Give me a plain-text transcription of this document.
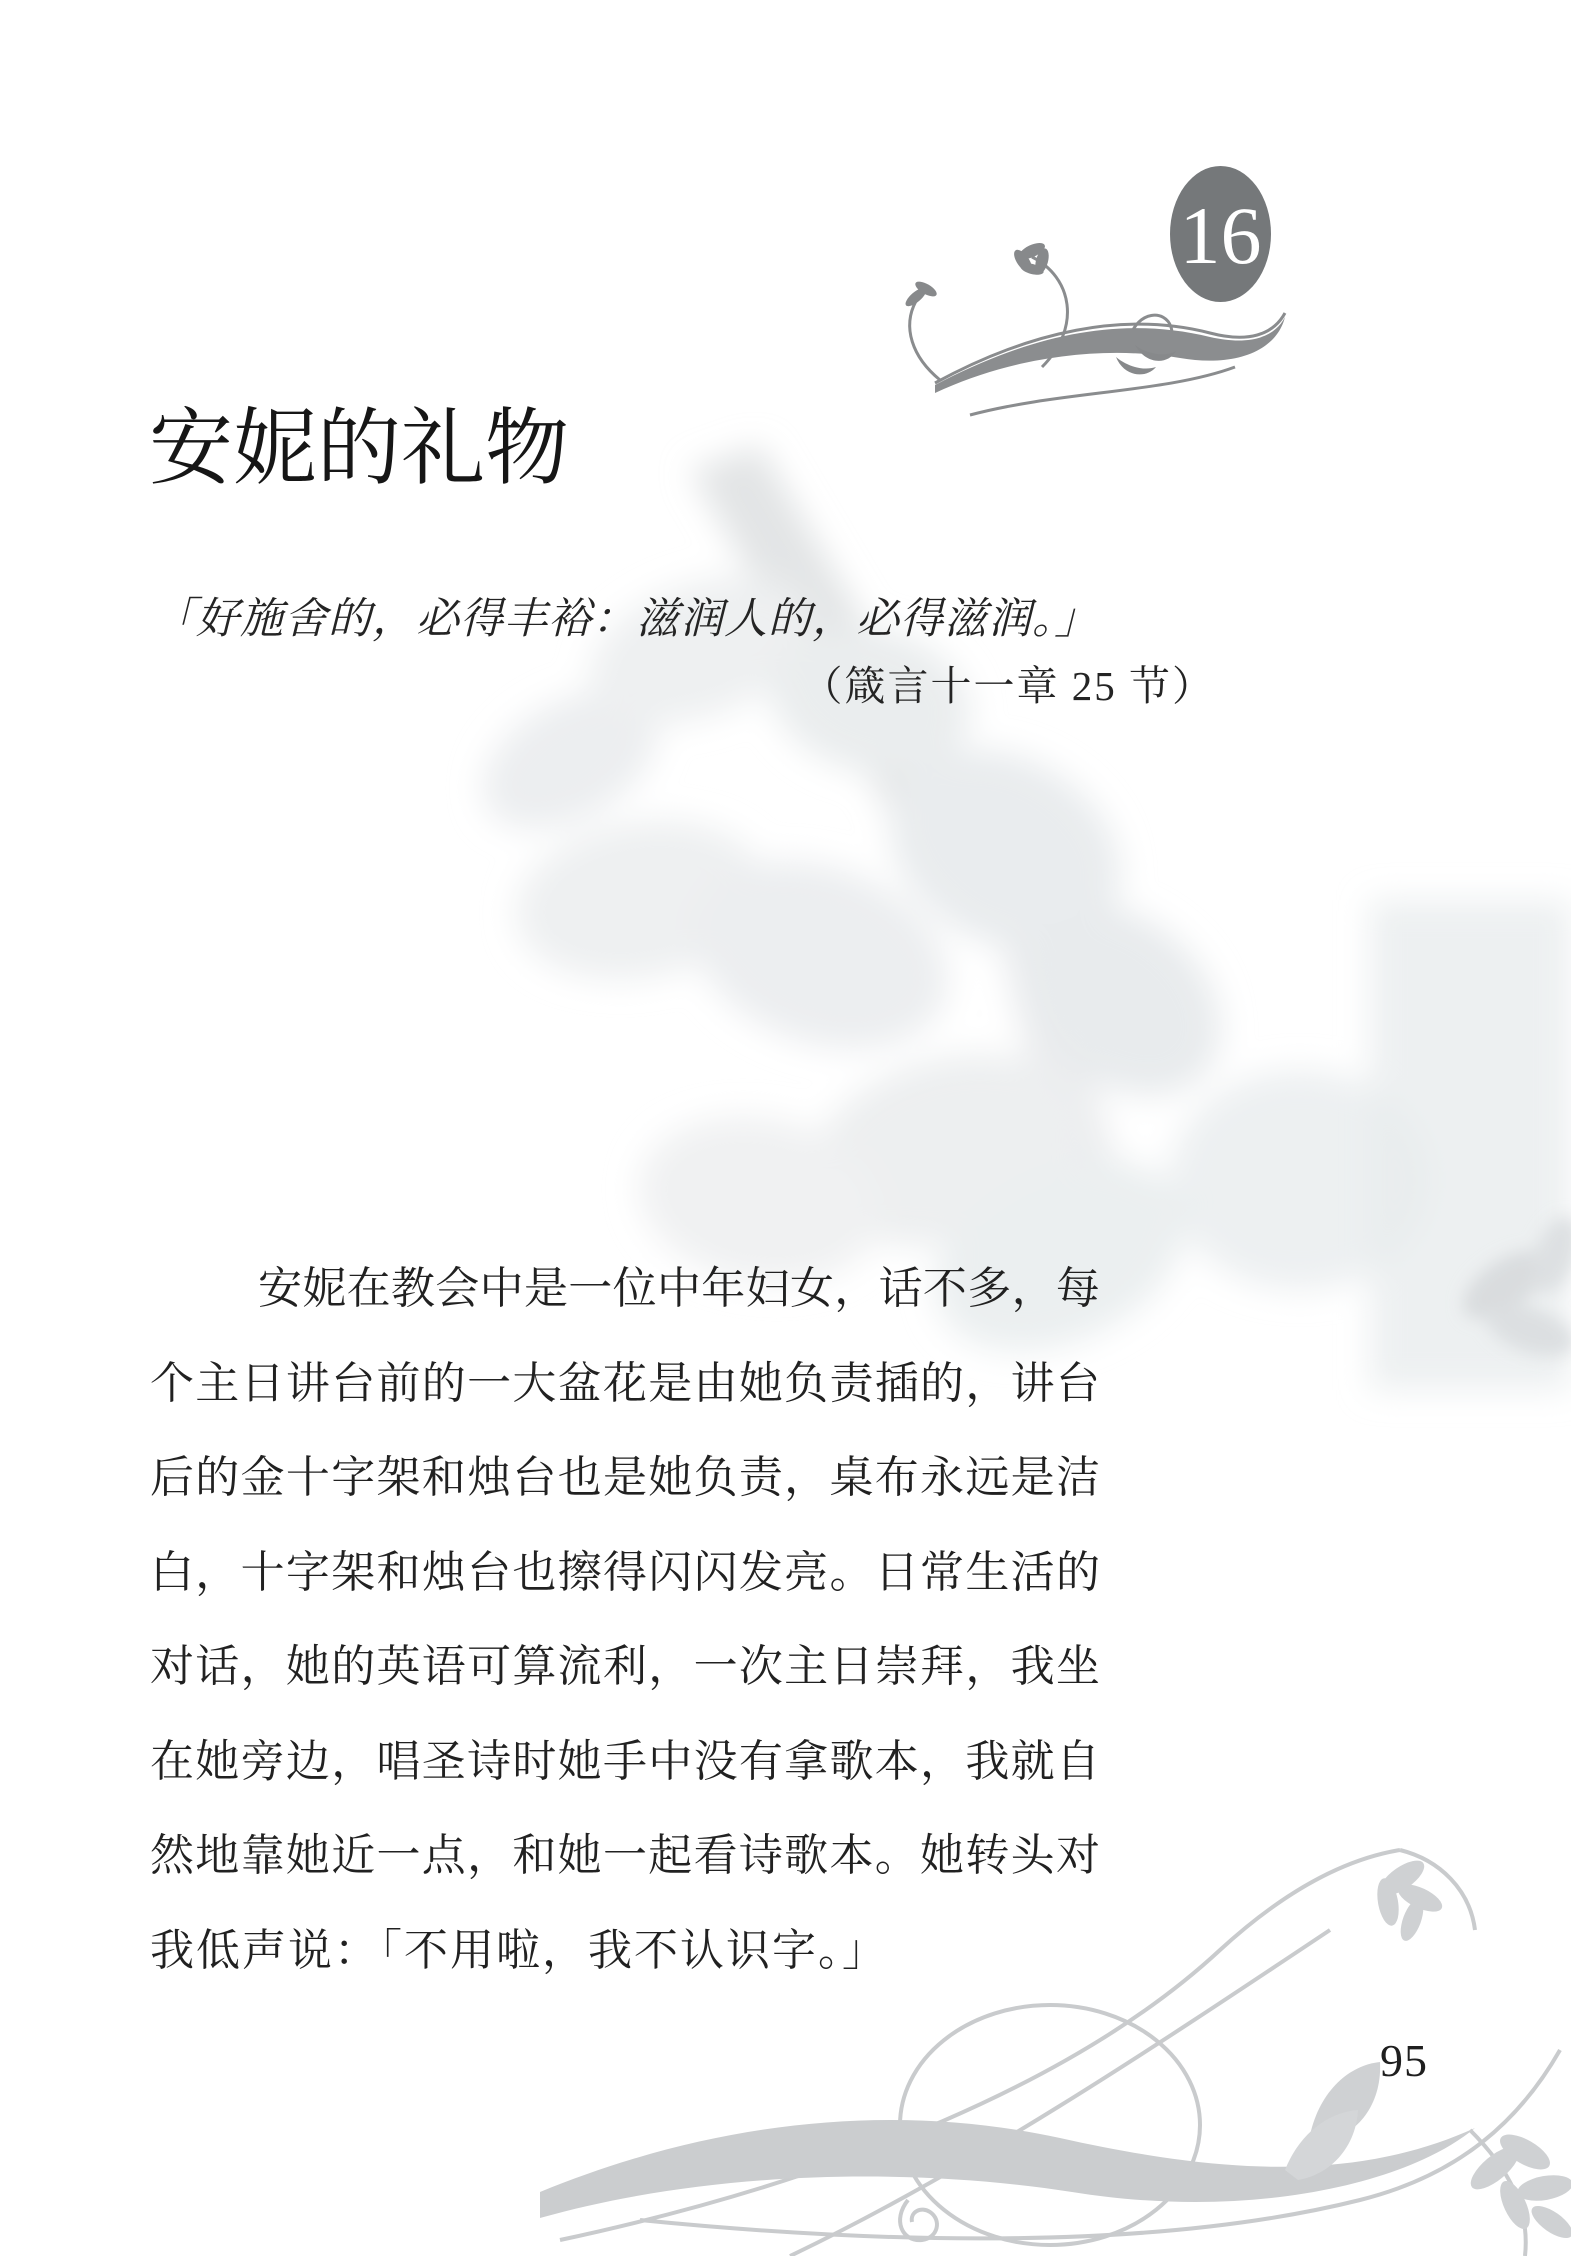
16
安妮的礼物
「好施舍的，必得丰裕：滋润人的，必得滋润。」
（箴言十一章 25 节）
安 妮 在 教 会 中 是 一 位 中 年 妇 女 ， 话 不 多 ， 每
个 主 日 讲 台 前 的 一 大 盆 花 是 由 她 负 责 插 的 ， 讲 台
后 的 金 十 字 架 和 烛 台 也 是 她 负 责 ， 桌 布 永 远 是 洁
白 ， 十 字 架 和 烛 台 也 擦 得 闪 闪 发 亮 。 日 常 生 活 的
对 话 ， 她 的 英 语 可 算 流 利 ， 一 次 主 日 崇 拜 ， 我 坐
在 她 旁 边 ， 唱 圣 诗 时 她 手 中 没 有 拿 歌 本 ， 我 就 自
然 地 靠 她 近 一 点 ， 和 她 一 起 看 诗 歌 本 。 她 转 头 对
我低声说：「不用啦，我不认识字。」
95
